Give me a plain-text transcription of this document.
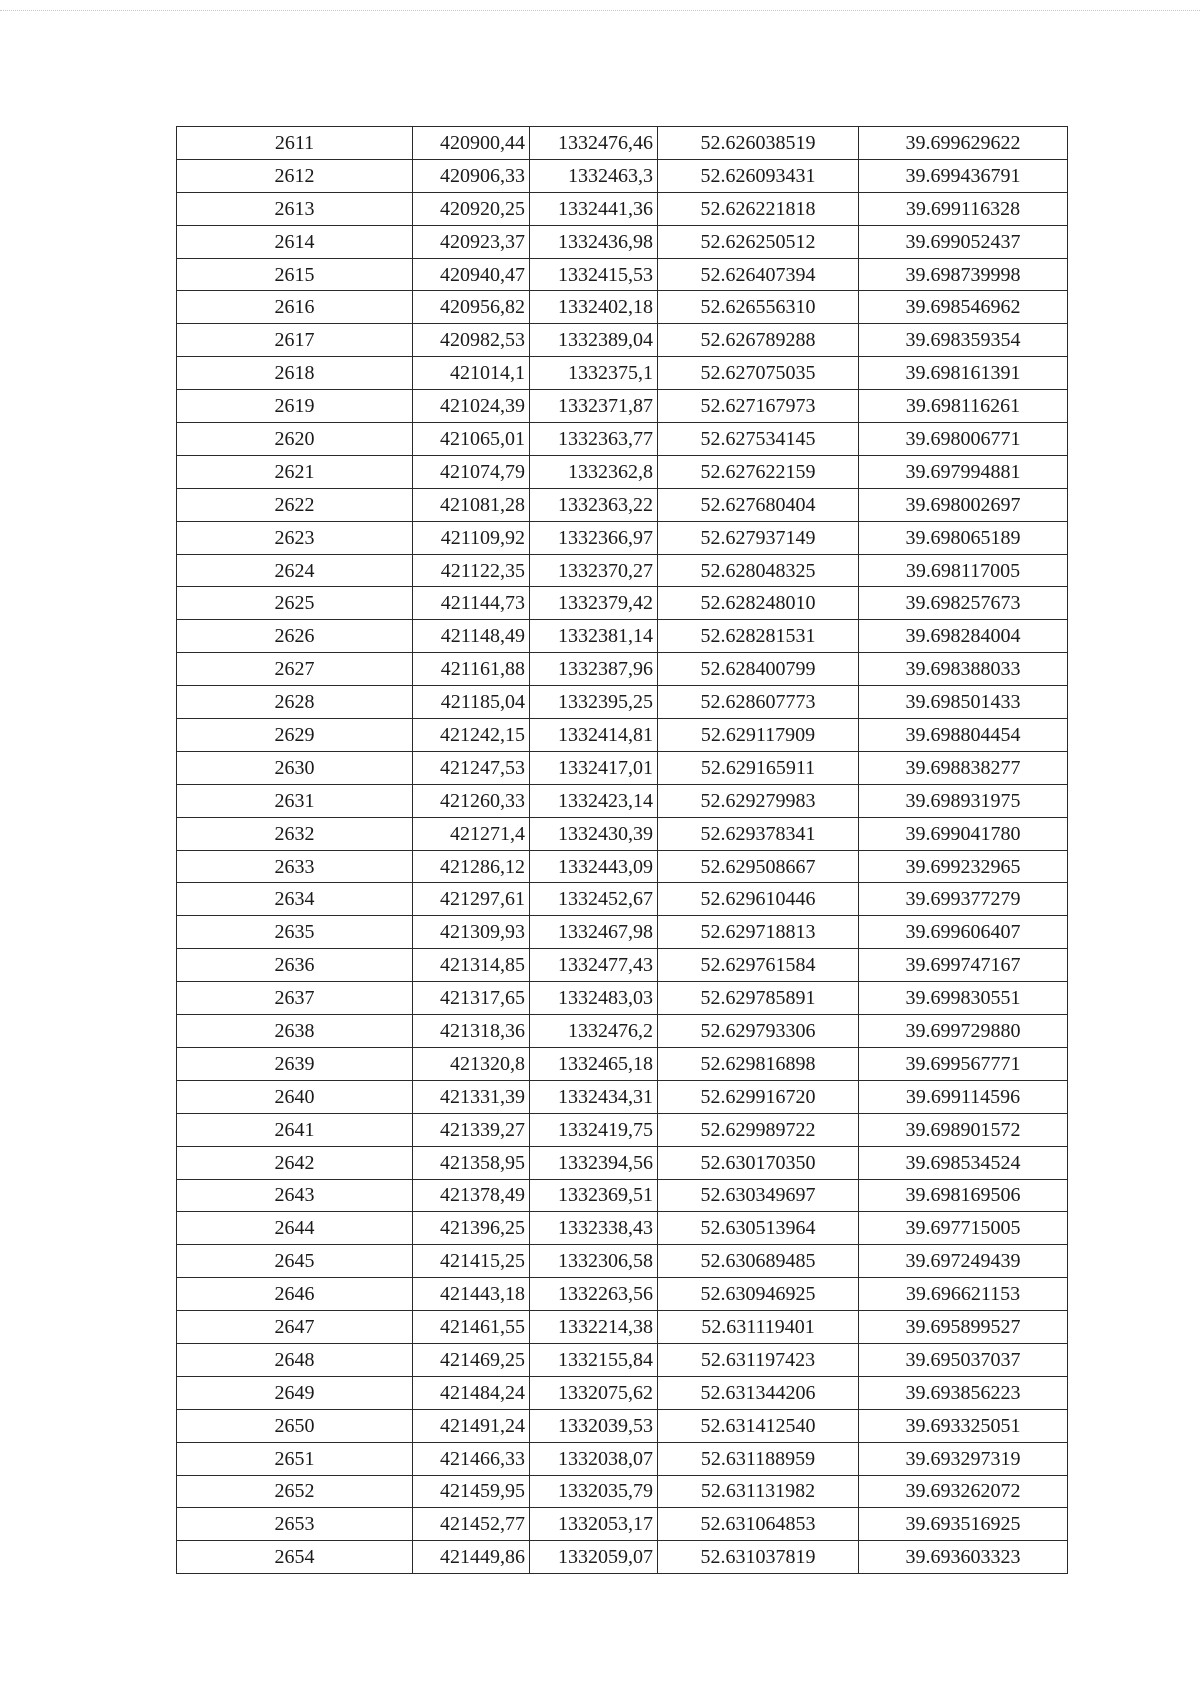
2611	420900,44	1332476,46	52.626038519	39.699629622
2612	420906,33	1332463,3	52.626093431	39.699436791
2613	420920,25	1332441,36	52.626221818	39.699116328
2614	420923,37	1332436,98	52.626250512	39.699052437
2615	420940,47	1332415,53	52.626407394	39.698739998
2616	420956,82	1332402,18	52.626556310	39.698546962
2617	420982,53	1332389,04	52.626789288	39.698359354
2618	421014,1	1332375,1	52.627075035	39.698161391
2619	421024,39	1332371,87	52.627167973	39.698116261
2620	421065,01	1332363,77	52.627534145	39.698006771
2621	421074,79	1332362,8	52.627622159	39.697994881
2622	421081,28	1332363,22	52.627680404	39.698002697
2623	421109,92	1332366,97	52.627937149	39.698065189
2624	421122,35	1332370,27	52.628048325	39.698117005
2625	421144,73	1332379,42	52.628248010	39.698257673
2626	421148,49	1332381,14	52.628281531	39.698284004
2627	421161,88	1332387,96	52.628400799	39.698388033
2628	421185,04	1332395,25	52.628607773	39.698501433
2629	421242,15	1332414,81	52.629117909	39.698804454
2630	421247,53	1332417,01	52.629165911	39.698838277
2631	421260,33	1332423,14	52.629279983	39.698931975
2632	421271,4	1332430,39	52.629378341	39.699041780
2633	421286,12	1332443,09	52.629508667	39.699232965
2634	421297,61	1332452,67	52.629610446	39.699377279
2635	421309,93	1332467,98	52.629718813	39.699606407
2636	421314,85	1332477,43	52.629761584	39.699747167
2637	421317,65	1332483,03	52.629785891	39.699830551
2638	421318,36	1332476,2	52.629793306	39.699729880
2639	421320,8	1332465,18	52.629816898	39.699567771
2640	421331,39	1332434,31	52.629916720	39.699114596
2641	421339,27	1332419,75	52.629989722	39.698901572
2642	421358,95	1332394,56	52.630170350	39.698534524
2643	421378,49	1332369,51	52.630349697	39.698169506
2644	421396,25	1332338,43	52.630513964	39.697715005
2645	421415,25	1332306,58	52.630689485	39.697249439
2646	421443,18	1332263,56	52.630946925	39.696621153
2647	421461,55	1332214,38	52.631119401	39.695899527
2648	421469,25	1332155,84	52.631197423	39.695037037
2649	421484,24	1332075,62	52.631344206	39.693856223
2650	421491,24	1332039,53	52.631412540	39.693325051
2651	421466,33	1332038,07	52.631188959	39.693297319
2652	421459,95	1332035,79	52.631131982	39.693262072
2653	421452,77	1332053,17	52.631064853	39.693516925
2654	421449,86	1332059,07	52.631037819	39.693603323
